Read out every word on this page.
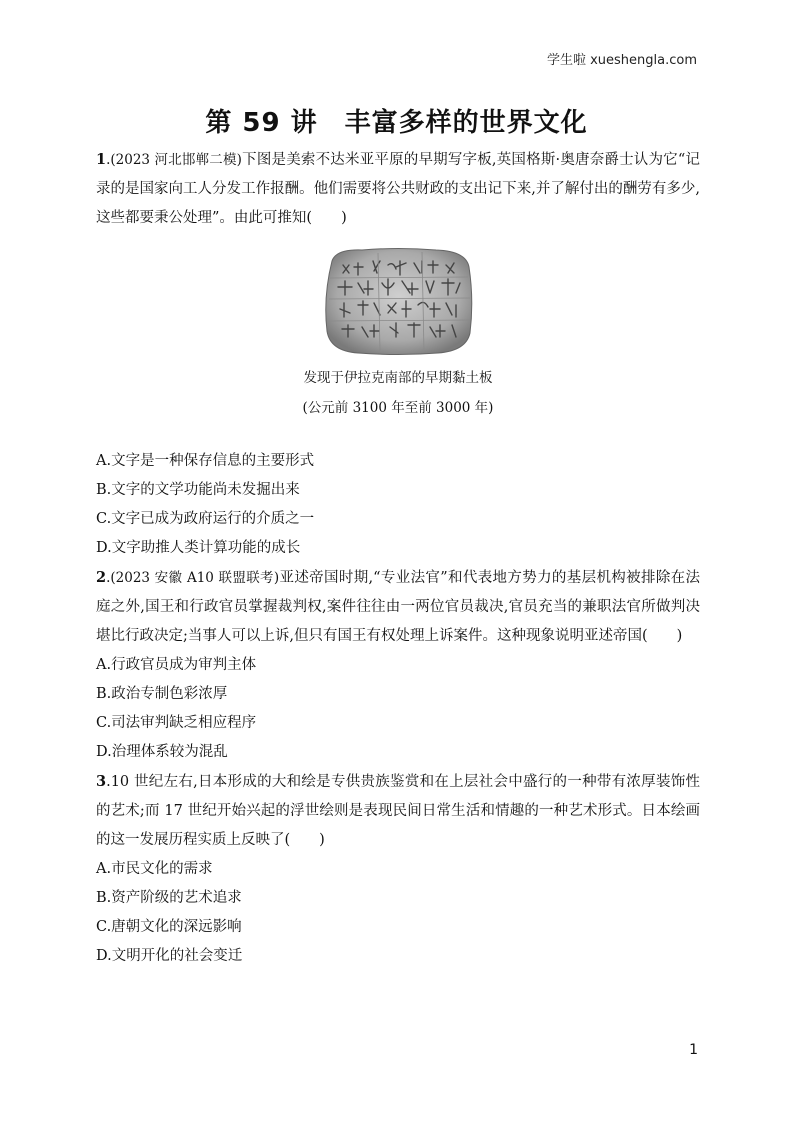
学生啦 xueshengla.com
第 59 讲　丰富多样的世界文化

1.(2023 河北邯郸二模)下图是美索不达米亚平原的早期写字板,英国格斯·奥唐奈爵士认为它“记录的是国家向工人分发工作报酬。他们需要将公共财政的支出记下来,并了解付出的酬劳有多少,这些都要秉公处理”。由此可推知(　　)

发现于伊拉克南部的早期黏土板

(公元前 3100 年至前 3000 年)

A.文字是一种保存信息的主要形式

B.文字的文学功能尚未发掘出来

C.文字已成为政府运行的介质之一

D.文字助推人类计算功能的成长

2.(2023 安徽 A10 联盟联考)亚述帝国时期,“专业法官”和代表地方势力的基层机构被排除在法庭之外,国王和行政官员掌握裁判权,案件往往由一两位官员裁决,官员充当的兼职法官所做判决堪比行政决定;当事人可以上诉,但只有国王有权处理上诉案件。这种现象说明亚述帝国(　　)

A.行政官员成为审判主体

B.政治专制色彩浓厚

C.司法审判缺乏相应程序

D.治理体系较为混乱

3.10 世纪左右,日本形成的大和绘是专供贵族鉴赏和在上层社会中盛行的一种带有浓厚装饰性的艺术;而 17 世纪开始兴起的浮世绘则是表现民间日常生活和情趣的一种艺术形式。日本绘画的这一发展历程实质上反映了(　　)

A.市民文化的需求

B.资产阶级的艺术追求

C.唐朝文化的深远影响

D.文明开化的社会变迁

1
